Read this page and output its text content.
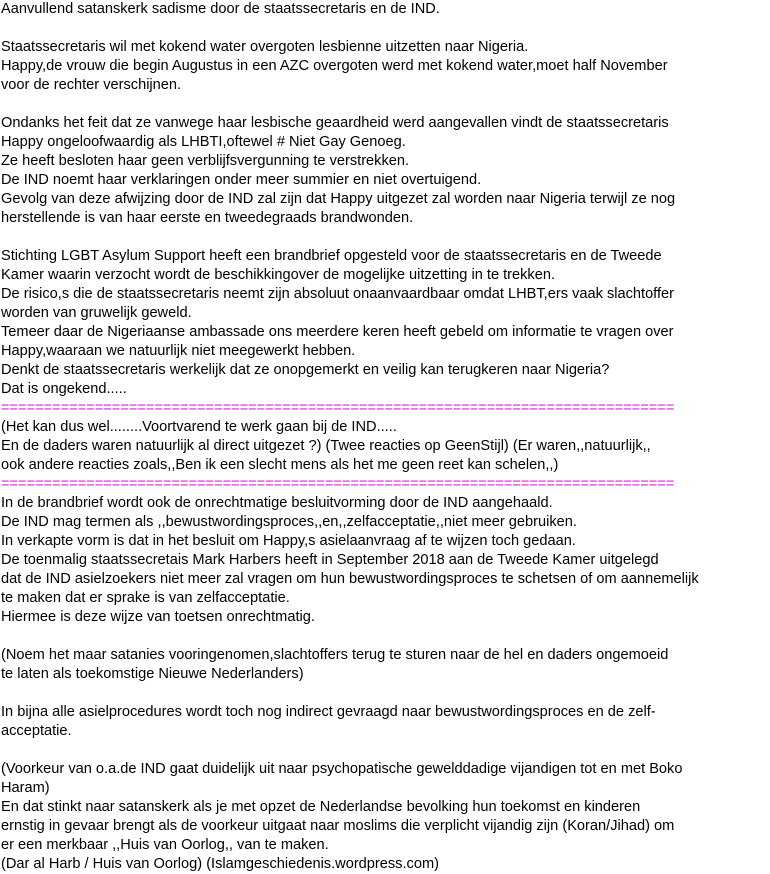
Aanvullend satanskerk sadisme door de staatssecretaris en de IND.
Staatssecretaris wil met kokend water overgoten lesbienne uitzetten naar Nigeria.
Happy,de vrouw die begin Augustus in een AZC overgoten werd met kokend water,moet half November
voor de rechter verschijnen.
Ondanks het feit dat ze vanwege haar lesbische geaardheid werd aangevallen vindt de staatssecretaris
Happy ongeloofwaardig als LHBTI,oftewel # Niet Gay Genoeg.
Ze heeft besloten haar geen verblijfsvergunning te verstrekken.
De IND noemt haar verklaringen onder meer summier en niet overtuigend.
Gevolg van deze afwijzing door de IND zal zijn dat Happy uitgezet zal worden naar Nigeria terwijl ze nog
herstellende is van haar eerste en tweedegraads brandwonden.
Stichting LGBT Asylum Support heeft een brandbrief opgesteld voor de staatssecretaris en de Tweede
Kamer waarin verzocht wordt de beschikkingover de mogelijke uitzetting in te trekken.
De risico,s die de staatssecretaris neemt zijn absoluut onaanvaardbaar omdat LHBT,ers vaak slachtoffer
worden van gruwelijk geweld.
Temeer daar de Nigeriaanse ambassade ons meerdere keren heeft gebeld om informatie te vragen over
Happy,waaraan we natuurlijk niet meegewerkt hebben.
Denkt de staatssecretaris werkelijk dat ze onopgemerkt en veilig kan terugkeren naar Nigeria?
Dat is ongekend.....
===============================================================================
(Het kan dus wel........Voortvarend te werk gaan bij de IND.....
En de daders waren natuurlijk al direct uitgezet ?) (Twee reacties op GeenStijl) (Er waren,,natuurlijk,,
ook andere reacties zoals,,Ben ik een slecht mens als het me geen reet kan schelen,,)
===============================================================================
In de brandbrief wordt ook de onrechtmatige besluitvorming door de IND aangehaald.
De IND mag termen als ,,bewustwordingsproces,,en,,zelfacceptatie,,niet meer gebruiken.
In verkapte vorm is dat in het besluit om Happy,s asielaanvraag af te wijzen toch gedaan.
De toenmalig staatssecretais Mark Harbers heeft in September 2018 aan de Tweede Kamer uitgelegd
dat de IND asielzoekers niet meer zal vragen om hun bewustwordingsproces te schetsen of om aannemelijk
te maken dat er sprake is van zelfacceptatie.
Hiermee is deze wijze van toetsen onrechtmatig.
(Noem het maar satanies vooringenomen,slachtoffers terug te sturen naar de hel en daders ongemoeid
te laten als toekomstige Nieuwe Nederlanders)
In bijna alle asielprocedures wordt toch nog indirect gevraagd naar bewustwordingsproces en de zelf-
acceptatie.
(Voorkeur van o.a.de IND gaat duidelijk uit naar psychopatische gewelddadige vijandigen tot en met Boko
Haram)
En dat stinkt naar satanskerk als je met opzet de Nederlandse bevolking hun toekomst en kinderen
ernstig in gevaar brengt als de voorkeur uitgaat naar moslims die verplicht vijandig zijn (Koran/Jihad) om
er een merkbaar ,,Huis van Oorlog,, van te maken.
(Dar al Harb / Huis van Oorlog) (Islamgeschiedenis.wordpress.com)
